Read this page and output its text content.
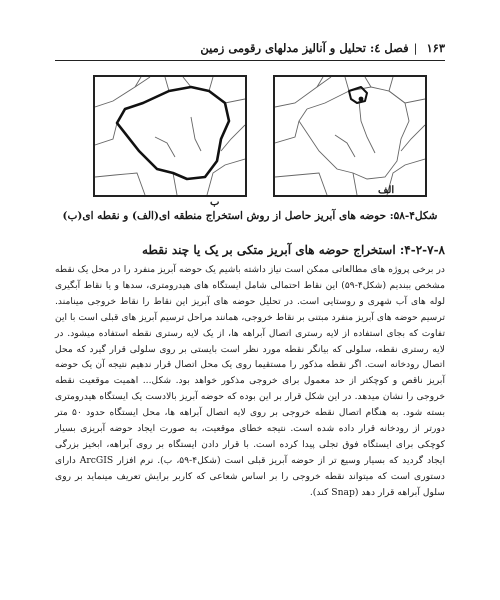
۱۶۳
|
فصل ٤: تحلیل و آنالیز مدلهای رقومی زمین
ب
الف
شکل۴-۵۸: حوضه های آبریز حاصل از روش استخراج منطقه ای(الف) و نقطه ای(ب)
۴-۲-۷-۸: استخراج حوضه های آبریز متکی بر یک یا چند نقطه

در برخی پروژه های مطالعاتی ممکن است نیاز داشته باشیم یک حوضه آبریز منفرد را در محل یک نقطه مشخص ببندیم (شکل۴-۵۹) این نقاط احتمالی شامل ایستگاه های هیدرومتری، سدها و یا نقاط آبگیری لوله های آب شهری و روستایی است. در تحلیل حوضه های آبریز این نقاط را نقاط خروجی مینامند. ترسیم حوضه های آبریز منفرد مبتنی بر نقاط خروجی، همانند مراحل ترسیم آبریز های قبلی است با این تفاوت که بجای استفاده از لایه رستری اتصال آبراهه ها، از یک لایه رستری نقطه استفاده میشود. در لایه رستری نقطه، سلولی که بیانگر نقطه مورد نظر است بایستی بر روی سلولی قرار گیرد که محل اتصال رودخانه است. اگر نقطه مذکور را مستقیما روی یک محل اتصال قرار ندهیم نتیجه آن یک حوضه آبریز ناقص و کوچکتر از حد معمول برای خروجی مذکور خواهد بود. شکل... اهمیت موقعیت نقطه خروجی را نشان میدهد. در این شکل قرار بر این بوده که حوضه آبریز بالادست یک ایستگاه هیدرومتری بسته شود. به هنگام اتصال نقطه خروجی بر روی لایه اتصال آبراهه ها، محل ایستگاه حدود ۵۰ متر دورتر از رودخانه قرار داده شده است. نتیجه خطای موقعیت، به صورت ایجاد حوضه آبریزی بسیار کوچکی برای ایستگاه فوق تجلی پیدا کرده است. با قرار دادن ایستگاه بر روی آبراهه، ابخیز بزرگی ایجاد گردید که بسیار وسیع تر از حوضه آبریز قبلی است (شکل۴-۵۹، ب). نرم افزار ArcGIS دارای دستوری است که میتواند نقطه خروجی را بر اساس شعاعی که کاربر برایش تعریف مینماید بر روی سلول آبراهه قرار دهد (Snap کند).
